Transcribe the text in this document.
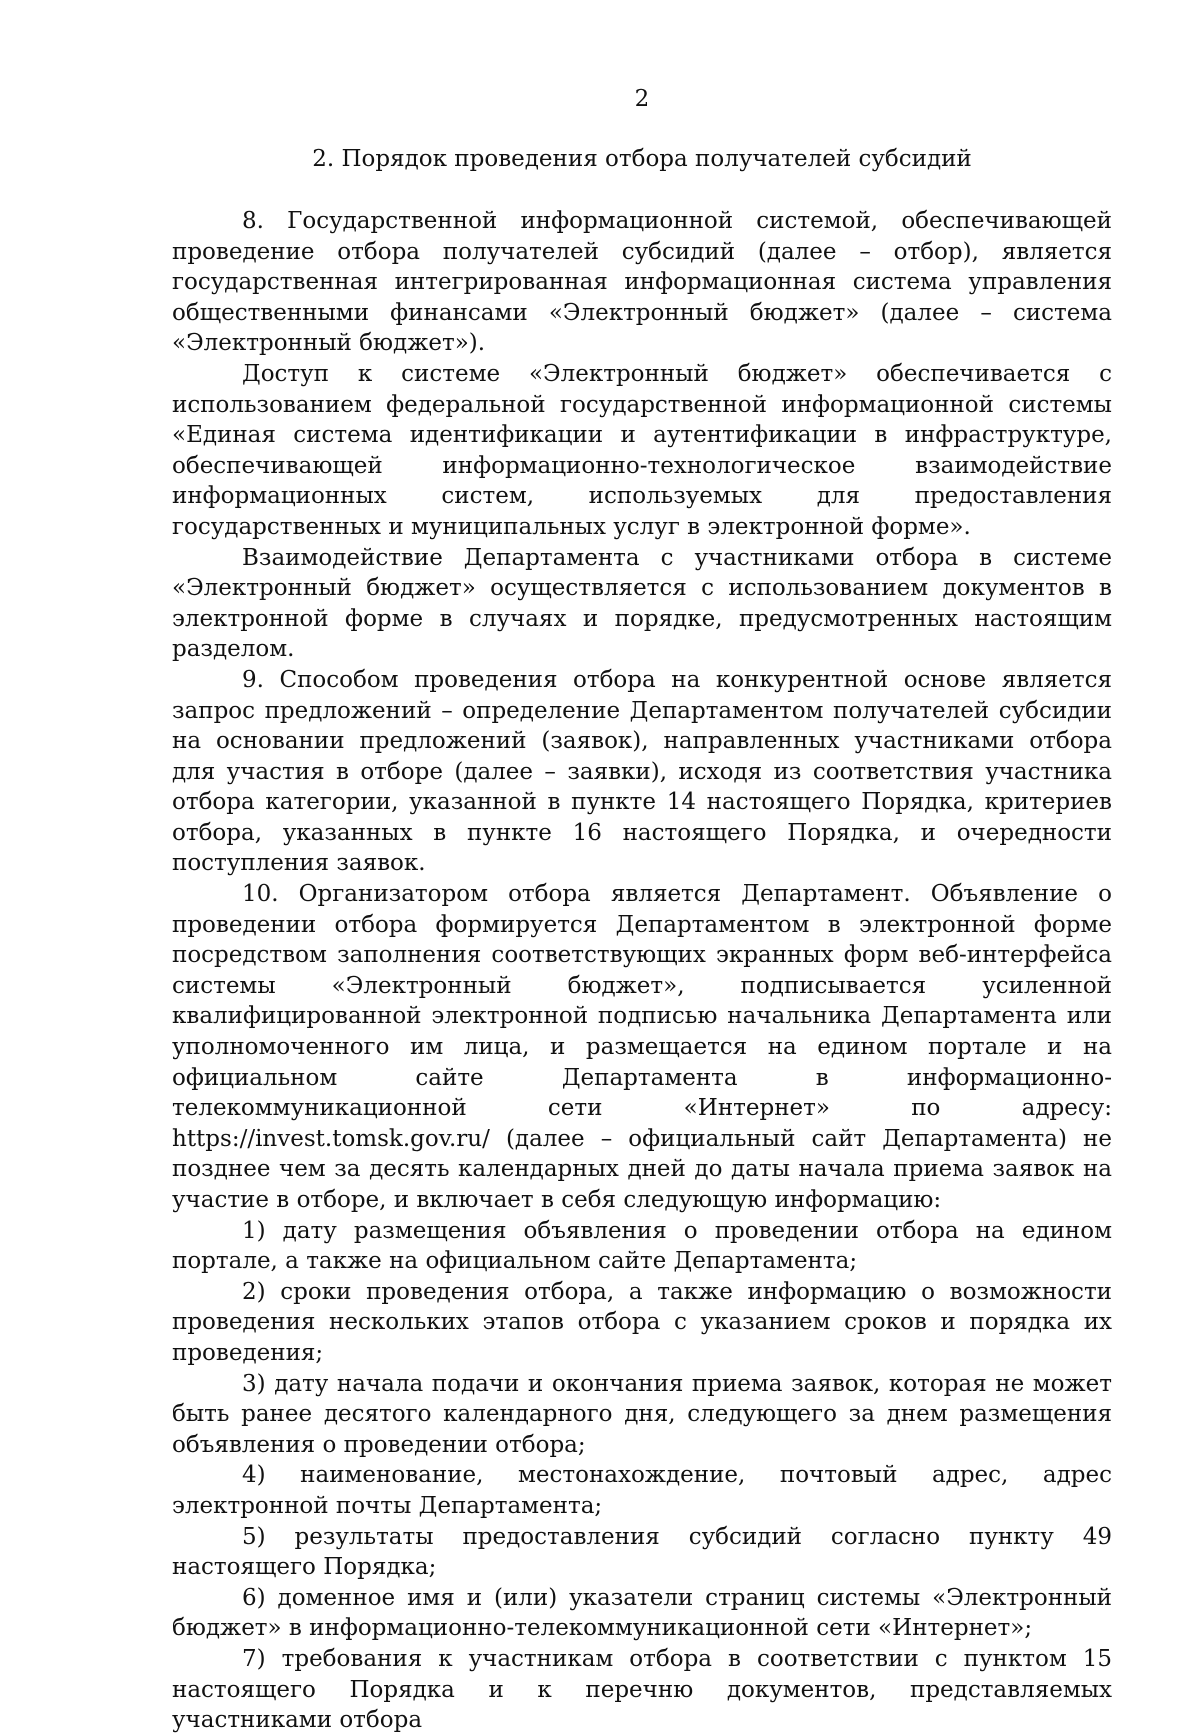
2
2. Порядок проведения отбора получателей субсидий

8. Государственной информационной системой, обеспечивающей проведение отбора получателей субсидий (далее – отбор), является государственная интегрированная информационная система управления общественными финансами «Электронный бюджет» (далее – система «Электронный бюджет»).

Доступ к системе «Электронный бюджет» обеспечивается с использованием федеральной государственной информационной системы «Единая система идентификации и аутентификации в инфраструктуре, обеспечивающей информационно-технологическое взаимодействие информационных систем, используемых для предоставления государственных и муниципальных услуг в электронной форме».

Взаимодействие Департамента с участниками отбора в системе «Электронный бюджет» осуществляется с использованием документов в электронной форме в случаях и порядке, предусмотренных настоящим разделом.

9. Способом проведения отбора на конкурентной основе является запрос предложений – определение Департаментом получателей субсидии на основании предложений (заявок), направленных участниками отбора для участия в отборе (далее – заявки), исходя из соответствия участника отбора категории, указанной в пункте 14 настоящего Порядка, критериев отбора, указанных в пункте 16 настоящего Порядка, и очередности поступления заявок.

10. Организатором отбора является Департамент. Объявление о проведении отбора формируется Департаментом в электронной форме посредством заполнения соответствующих экранных форм веб-интерфейса системы «Электронный бюджет», подписывается усиленной квалифицированной электронной подписью начальника Департамента или уполномоченного им лица, и размещается на едином портале и на официальном сайте Департамента в информационно-телекоммуникационной сети «Интернет» по адресу: https://invest.tomsk.gov.ru/ (далее – официальный сайт Департамента) не позднее чем за десять календарных дней до даты начала приема заявок на участие в отборе, и включает в себя следующую информацию:

1) дату размещения объявления о проведении отбора на едином портале, а также на официальном сайте Департамента;

2) сроки проведения отбора, а также информацию о возможности проведения нескольких этапов отбора с указанием сроков и порядка их проведения;

3) дату начала подачи и окончания приема заявок, которая не может быть ранее десятого календарного дня, следующего за днем размещения объявления о проведении отбора;

4) наименование, местонахождение, почтовый адрес, адрес электронной почты Департамента;

5) результаты предоставления субсидий согласно пункту 49 настоящего Порядка;

6) доменное имя и (или) указатели страниц системы «Электронный бюджет» в информационно-телекоммуникационной сети «Интернет»;

7) требования к участникам отбора в соответствии с пунктом 15 настоящего Порядка и к перечню документов, представляемых участниками отбора
